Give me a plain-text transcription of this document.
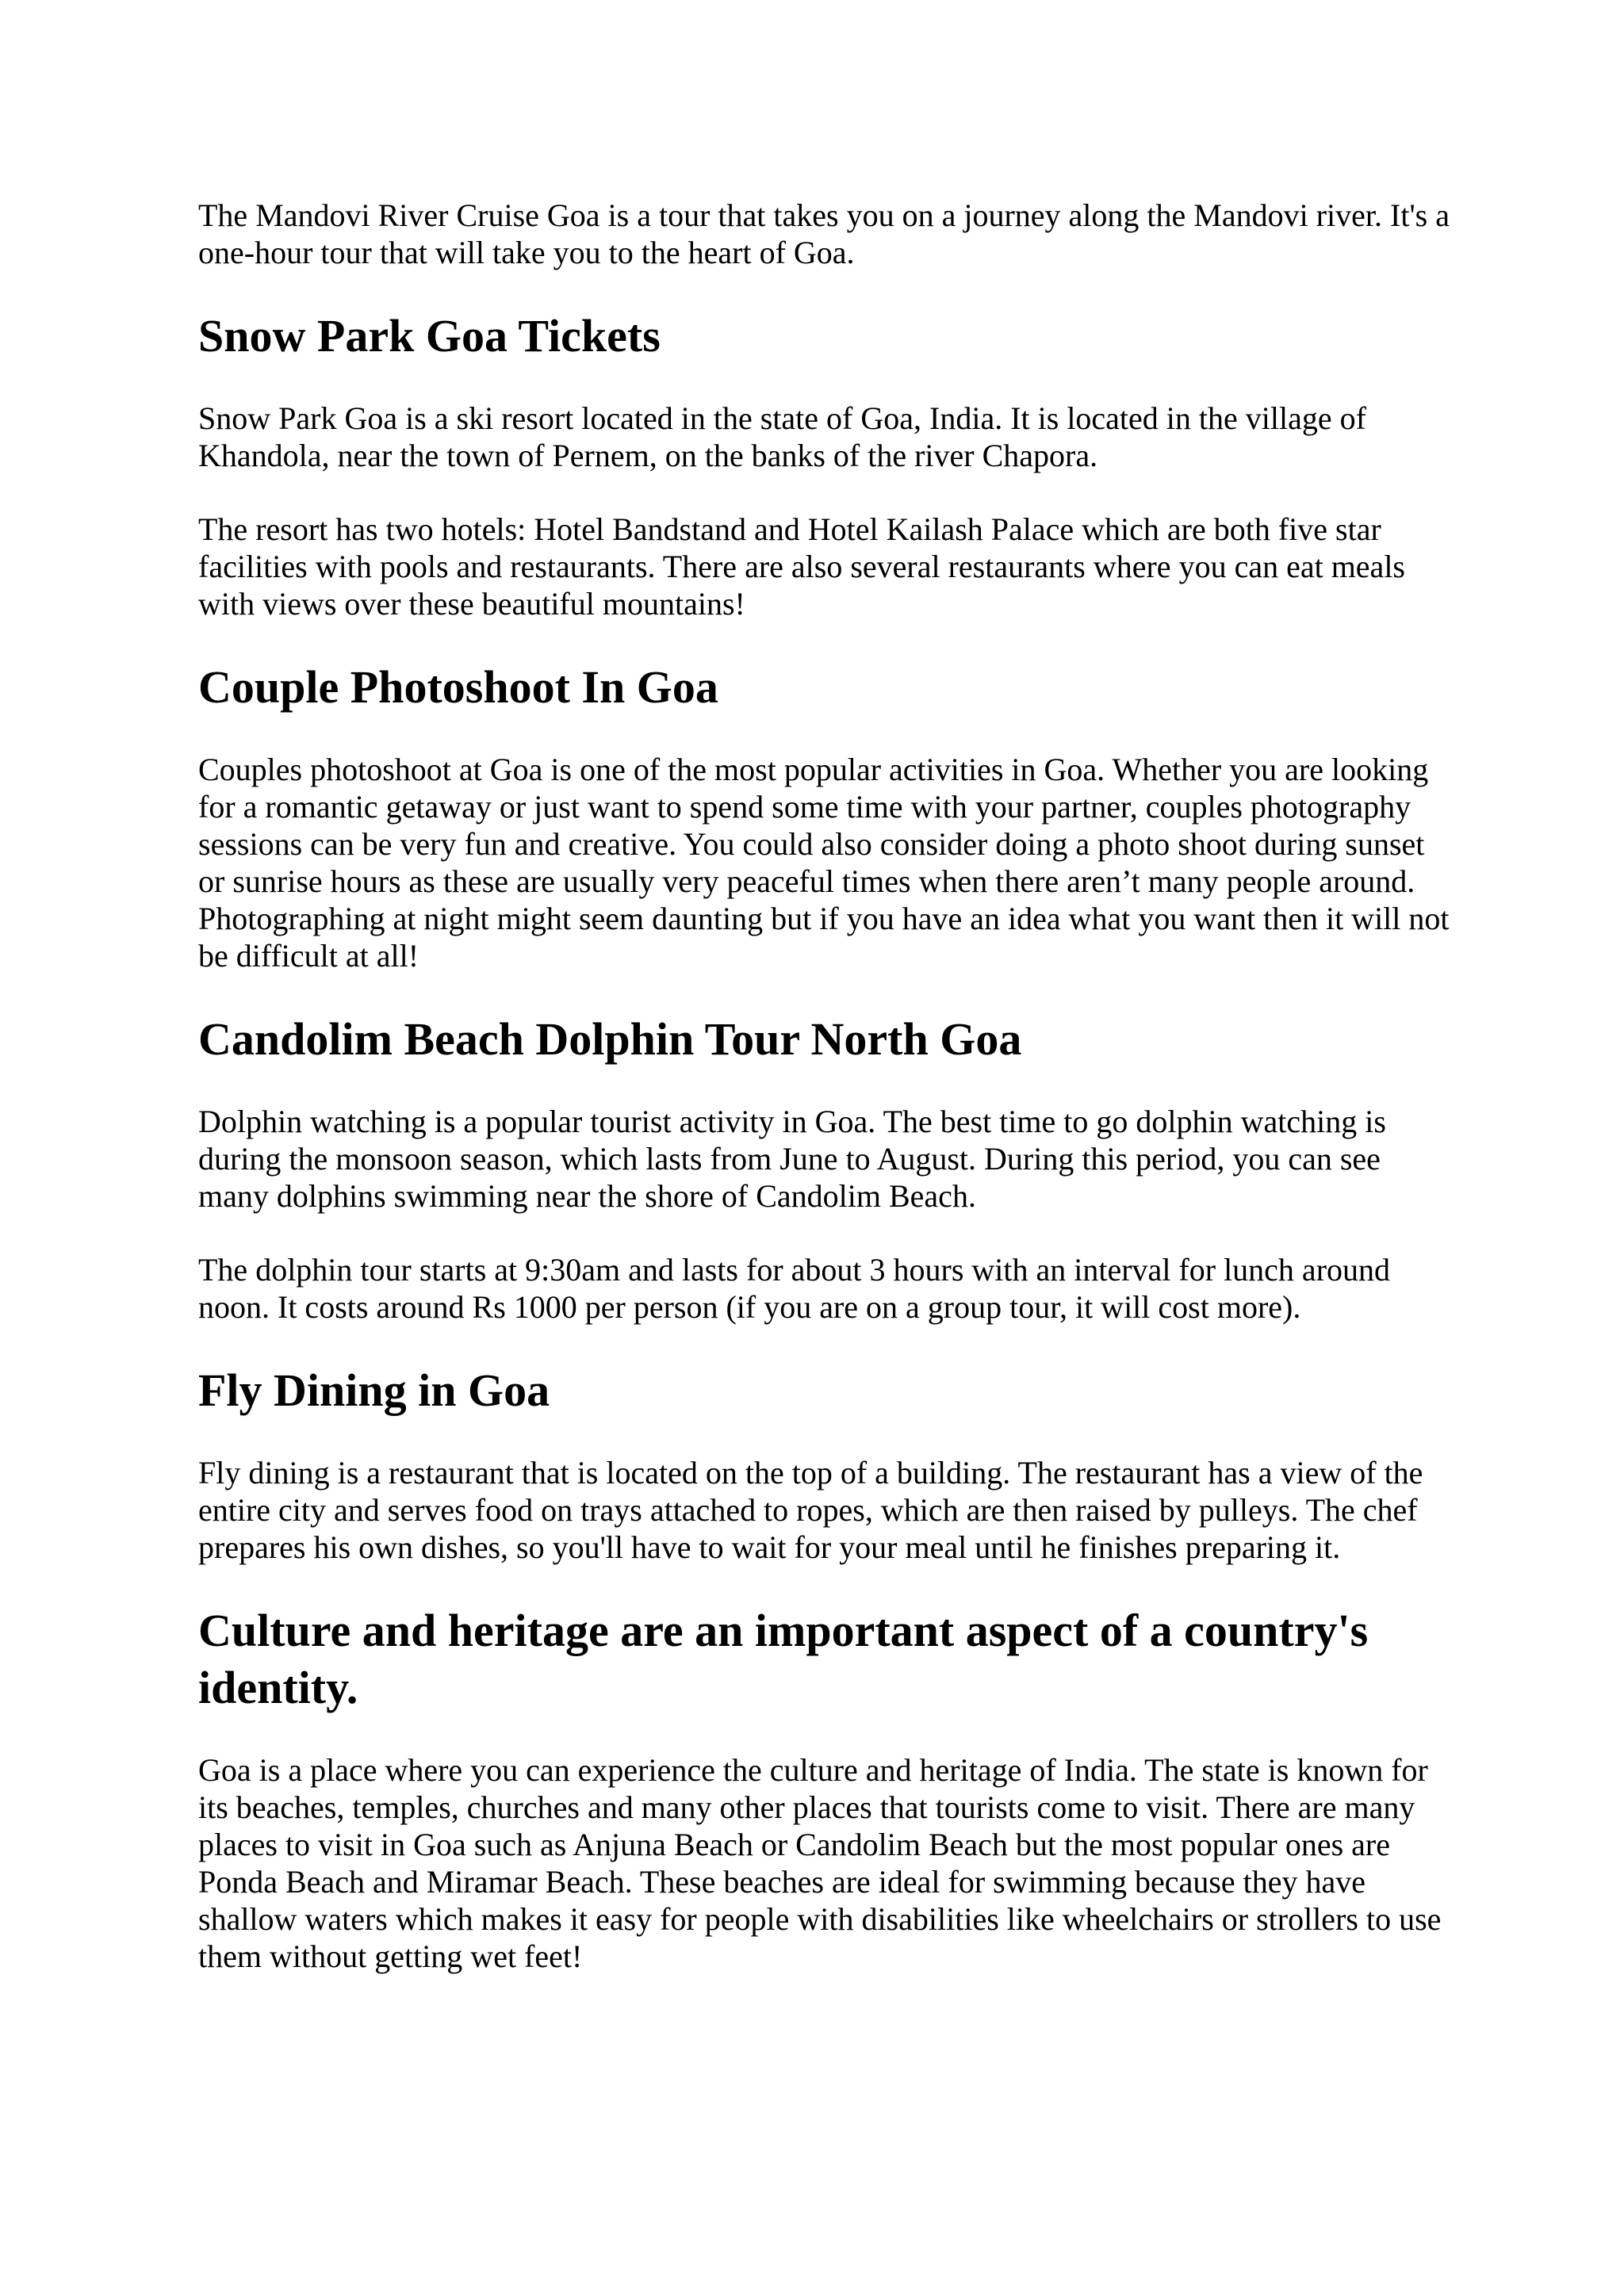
The Mandovi River Cruise Goa is a tour that takes you on a journey along the Mandovi river. It's a one-hour tour that will take you to the heart of Goa.

Snow Park Goa Tickets

Snow Park Goa is a ski resort located in the state of Goa, India. It is located in the village of Khandola, near the town of Pernem, on the banks of the river Chapora.

The resort has two hotels: Hotel Bandstand and Hotel Kailash Palace which are both five star facilities with pools and restaurants. There are also several restaurants where you can eat meals with views over these beautiful mountains!

Couple Photoshoot In Goa

Couples photoshoot at Goa is one of the most popular activities in Goa. Whether you are looking for a romantic getaway or just want to spend some time with your partner, couples photography sessions can be very fun and creative. You could also consider doing a photo shoot during sunset or sunrise hours as these are usually very peaceful times when there aren’t many people around. Photographing at night might seem daunting but if you have an idea what you want then it will not be difficult at all!

Candolim Beach Dolphin Tour North Goa

Dolphin watching is a popular tourist activity in Goa. The best time to go dolphin watching is during the monsoon season, which lasts from June to August. During this period, you can see many dolphins swimming near the shore of Candolim Beach.

The dolphin tour starts at 9:30am and lasts for about 3 hours with an interval for lunch around noon. It costs around Rs 1000 per person (if you are on a group tour, it will cost more).

Fly Dining in Goa

Fly dining is a restaurant that is located on the top of a building. The restaurant has a view of the entire city and serves food on trays attached to ropes, which are then raised by pulleys. The chef prepares his own dishes, so you'll have to wait for your meal until he finishes preparing it.

Culture and heritage are an important aspect of a country's identity.

Goa is a place where you can experience the culture and heritage of India. The state is known for its beaches, temples, churches and many other places that tourists come to visit. There are many places to visit in Goa such as Anjuna Beach or Candolim Beach but the most popular ones are Ponda Beach and Miramar Beach. These beaches are ideal for swimming because they have shallow waters which makes it easy for people with disabilities like wheelchairs or strollers to use them without getting wet feet!
